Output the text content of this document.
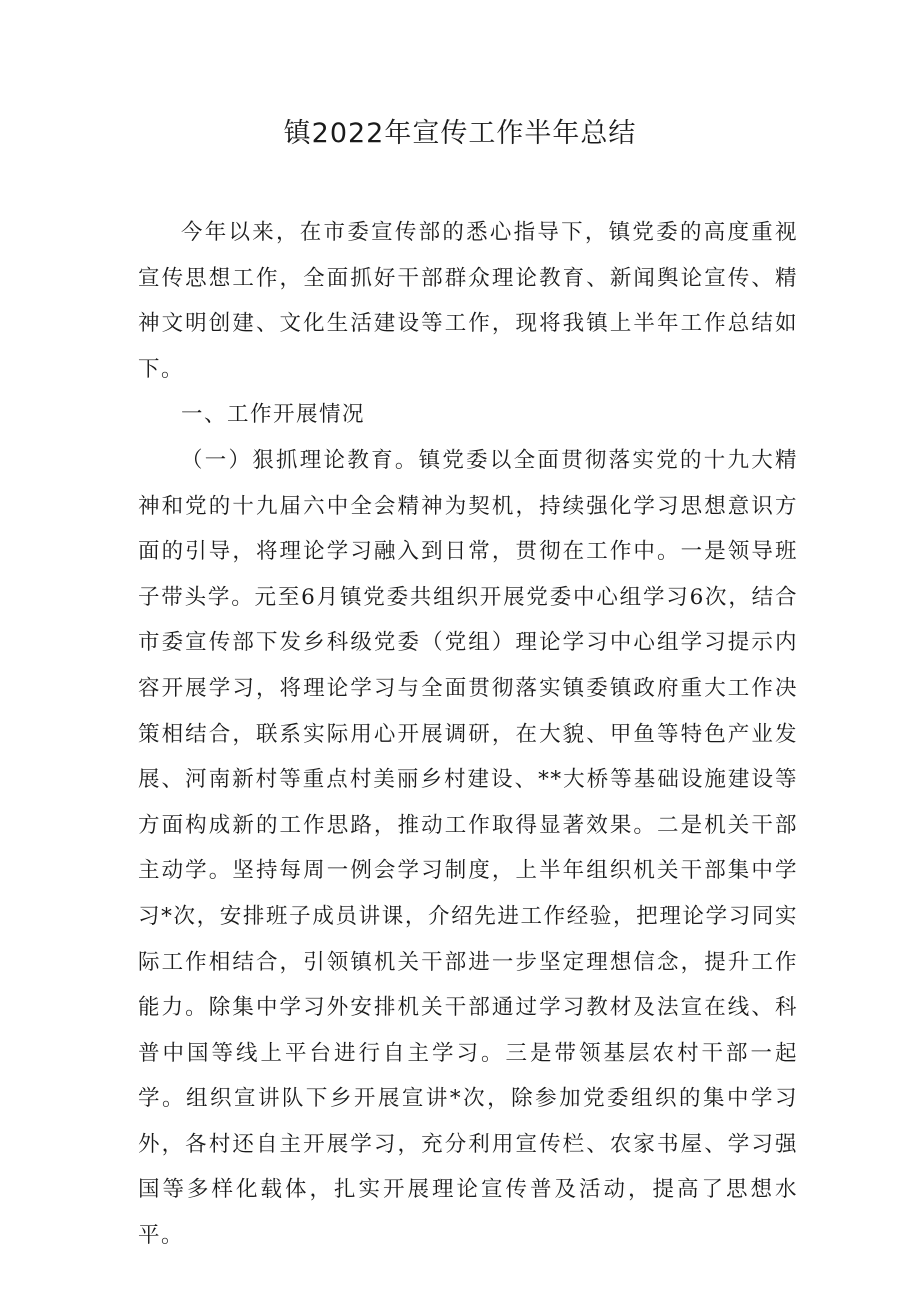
镇2022年宣传工作半年总结

今年以来，在市委宣传部的悉心指导下，镇党委的高度重视宣传思想工作，全面抓好干部群众理论教育、新闻舆论宣传、精神文明创建、文化生活建设等工作，现将我镇上半年工作总结如下。

一、工作开展情况

（一）狠抓理论教育。镇党委以全面贯彻落实党的十九大精神和党的十九届六中全会精神为契机，持续强化学习思想意识方面的引导，将理论学习融入到日常，贯彻在工作中。一是领导班子带头学。元至6月镇党委共组织开展党委中心组学习6次，结合市委宣传部下发乡科级党委（党组）理论学习中心组学习提示内容开展学习，将理论学习与全面贯彻落实镇委镇政府重大工作决策相结合，联系实际用心开展调研，在大貌、甲鱼等特色产业发展、河南新村等重点村美丽乡村建设、**大桥等基础设施建设等方面构成新的工作思路，推动工作取得显著效果。二是机关干部主动学。坚持每周一例会学习制度，上半年组织机关干部集中学习*次，安排班子成员讲课，介绍先进工作经验，把理论学习同实际工作相结合，引领镇机关干部进一步坚定理想信念，提升工作能力。除集中学习外安排机关干部通过学习教材及法宣在线、科普中国等线上平台进行自主学习。三是带领基层农村干部一起学。组织宣讲队下乡开展宣讲*次，除参加党委组织的集中学习外，各村还自主开展学习，充分利用宣传栏、农家书屋、学习强国等多样化载体，扎实开展理论宣传普及活动，提高了思想水平。
